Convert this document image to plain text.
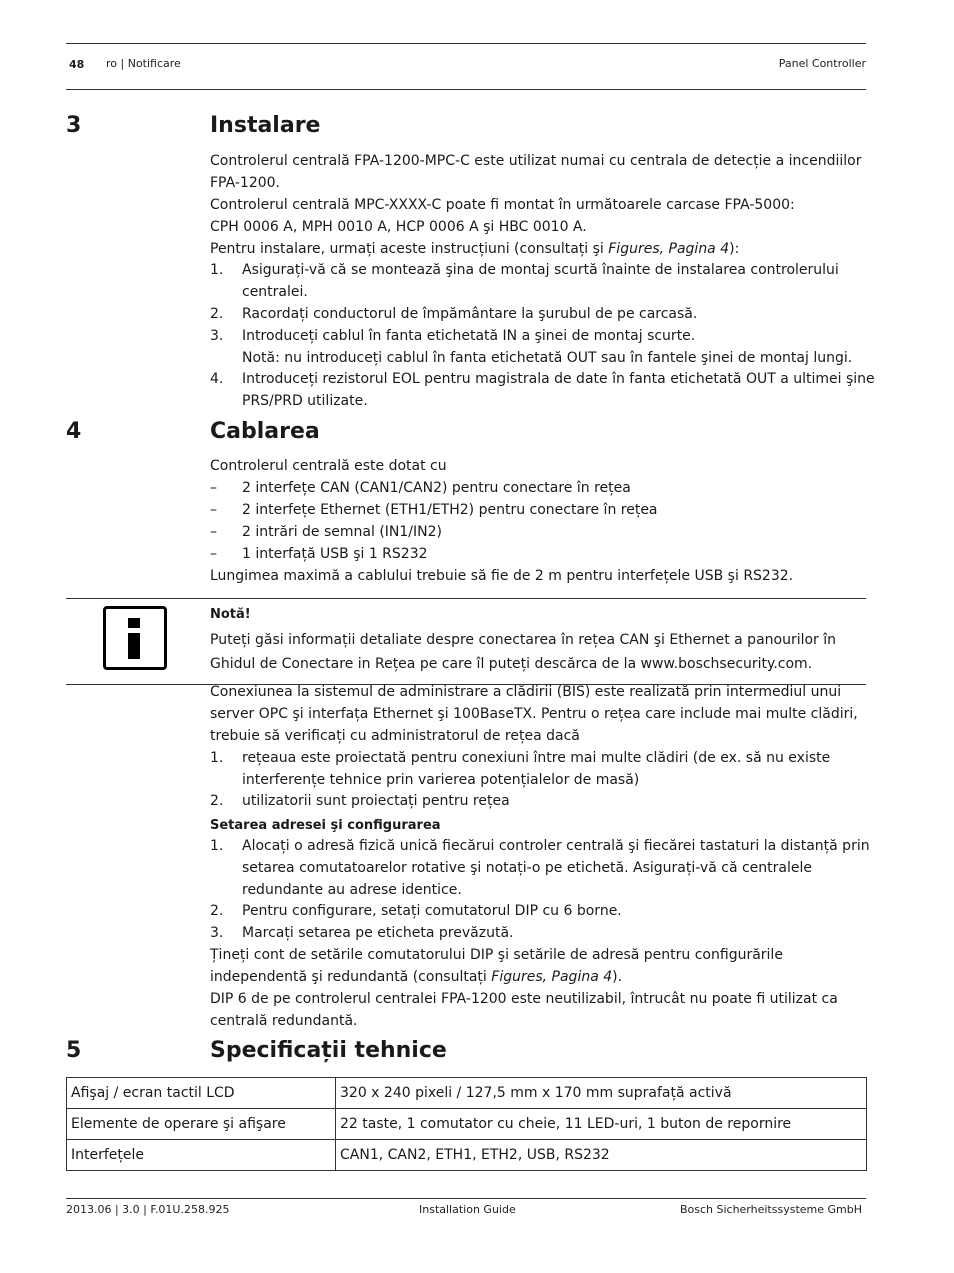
48 ro | Notificare	Panel Controller
3	Instalare
Controlerul centrală FPA-1200-MPC-C este utilizat numai cu centrala de detecție a incendiilor
FPA-1200.
Controlerul centrală MPC-XXXX-C poate fi montat în următoarele carcase FPA-5000:
CPH 0006 A, MPH 0010 A, HCP 0006 A şi HBC 0010 A.
Pentru instalare, urmați aceste instrucțiuni (consultați şi Figures, Pagina 4):
1. Asigurați-vă că se montează şina de montaj scurtă înainte de instalarea controlerului
centralei.
2. Racordați conductorul de împământare la şurubul de pe carcasă.
3. Introduceți cablul în fanta etichetată IN a şinei de montaj scurte.
Notă: nu introduceți cablul în fanta etichetată OUT sau în fantele şinei de montaj lungi.
4. Introduceți rezistorul EOL pentru magistrala de date în fanta etichetată OUT a ultimei şine
PRS/PRD utilizate.
4	Cablarea
Controlerul centrală este dotat cu
– 2 interfețe CAN (CAN1/CAN2) pentru conectare în rețea
– 2 interfețe Ethernet (ETH1/ETH2) pentru conectare în rețea
– 2 intrări de semnal (IN1/IN2)
– 1 interfață USB şi 1 RS232
Lungimea maximă a cablului trebuie să fie de 2 m pentru interfețele USB şi RS232.
Notă!
Puteți găsi informații detaliate despre conectarea în rețea CAN şi Ethernet a panourilor în
Ghidul de Conectare in Rețea pe care îl puteți descărca de la www.boschsecurity.com.
Conexiunea la sistemul de administrare a clădirii (BIS) este realizată prin intermediul unui
server OPC şi interfața Ethernet şi 100BaseTX. Pentru o rețea care include mai multe clădiri,
trebuie să verificați cu administratorul de rețea dacă
1. rețeaua este proiectată pentru conexiuni între mai multe clădiri (de ex. să nu existe
interferențe tehnice prin varierea potențialelor de masă)
2. utilizatorii sunt proiectați pentru rețea
Setarea adresei şi configurarea
1. Alocați o adresă fizică unică fiecărui controler centrală şi fiecărei tastaturi la distanță prin
setarea comutatoarelor rotative şi notați-o pe etichetă. Asigurați-vă că centralele
redundante au adrese identice.
2. Pentru configurare, setați comutatorul DIP cu 6 borne.
3. Marcați setarea pe eticheta prevăzută.
Țineți cont de setările comutatorului DIP şi setările de adresă pentru configurările
independentă şi redundantă (consultați Figures, Pagina 4).
DIP 6 de pe controlerul centralei FPA-1200 este neutilizabil, întrucât nu poate fi utilizat ca
centrală redundantă.
5	Specificații tehnice
Afişaj / ecran tactil LCD	320 x 240 pixeli / 127,5 mm x 170 mm suprafață activă
Elemente de operare şi afişare	22 taste, 1 comutator cu cheie, 11 LED-uri, 1 buton de repornire
Interfețele	CAN1, CAN2, ETH1, ETH2, USB, RS232
2013.06 | 3.0 | F.01U.258.925	Installation Guide	Bosch Sicherheitssysteme GmbH
